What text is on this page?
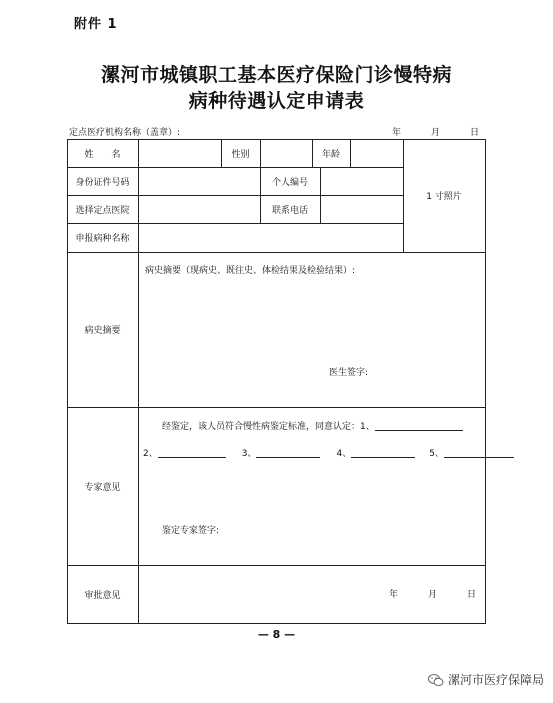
附件 1
漯河市城镇职工基本医疗保险门诊慢特病
病种待遇认定申请表
定点医疗机构名称（盖章）:	年	月	日
姓　　名	性别	年龄
1 寸照片
身份证件号码	个人编号
选择定点医院	联系电话
申报病种名称
病史摘要
病史摘要（现病史、既往史、体检结果及检验结果）:
医生签字:
专家意见
经鉴定，该人员符合慢性病鉴定标准，同意认定：1、
2、	3、	4、	5、
鉴定专家签字:
审批意见	年	月	日
— 8 —
漯河市医疗保障局
